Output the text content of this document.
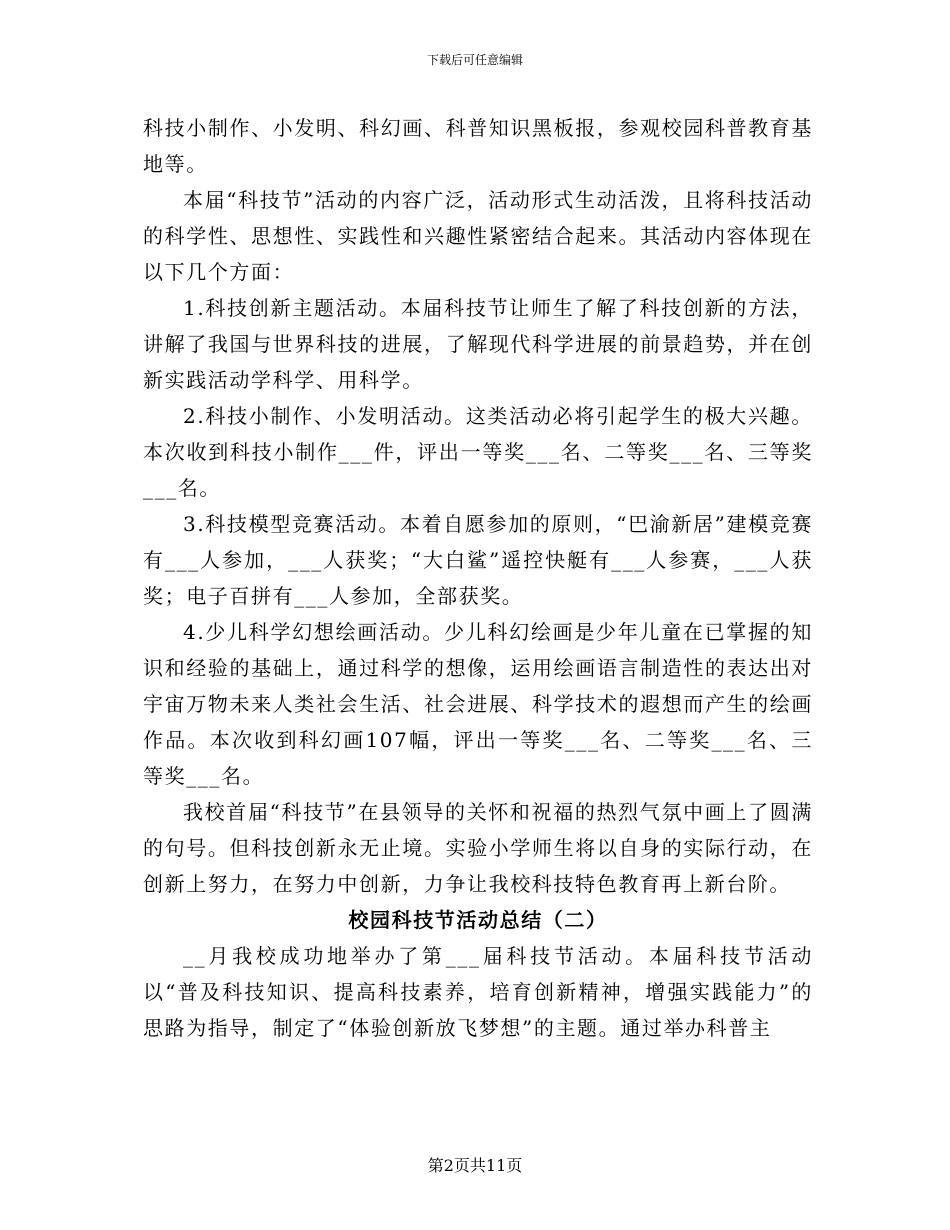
下载后可任意编辑

科技小制作、小发明、科幻画、科普知识黑板报，参观校园科普教育基地等。

本届“科技节”活动的内容广泛，活动形式生动活泼，且将科技活动的科学性、思想性、实践性和兴趣性紧密结合起来。其活动内容体现在以下几个方面：

1.科技创新主题活动。本届科技节让师生了解了科技创新的方法，讲解了我国与世界科技的进展，了解现代科学进展的前景趋势，并在创新实践活动学科学、用科学。

2.科技小制作、小发明活动。这类活动必将引起学生的极大兴趣。本次收到科技小制作___件，评出一等奖___名、二等奖___名、三等奖___名。

3.科技模型竞赛活动。本着自愿参加的原则，“巴渝新居”建模竞赛有___人参加，___人获奖；“大白鲨”遥控快艇有___人参赛，___人获奖；电子百拼有___人参加，全部获奖。

4.少儿科学幻想绘画活动。少儿科幻绘画是少年儿童在已掌握的知识和经验的基础上，通过科学的想像，运用绘画语言制造性的表达出对宇宙万物未来人类社会生活、社会进展、科学技术的遐想而产生的绘画作品。本次收到科幻画107幅，评出一等奖___名、二等奖___名、三等奖___名。

我校首届“科技节”在县领导的关怀和祝福的热烈气氛中画上了圆满的句号。但科技创新永无止境。实验小学师生将以自身的实际行动，在创新上努力，在努力中创新，力争让我校科技特色教育再上新台阶。

校园科技节活动总结（二）

__月我校成功地举办了第___届科技节活动。本届科技节活动以“普及科技知识、提高科技素养，培育创新精神，增强实践能力”的思路为指导，制定了“体验创新放飞梦想”的主题。通过举办科普主

第2页共11页
